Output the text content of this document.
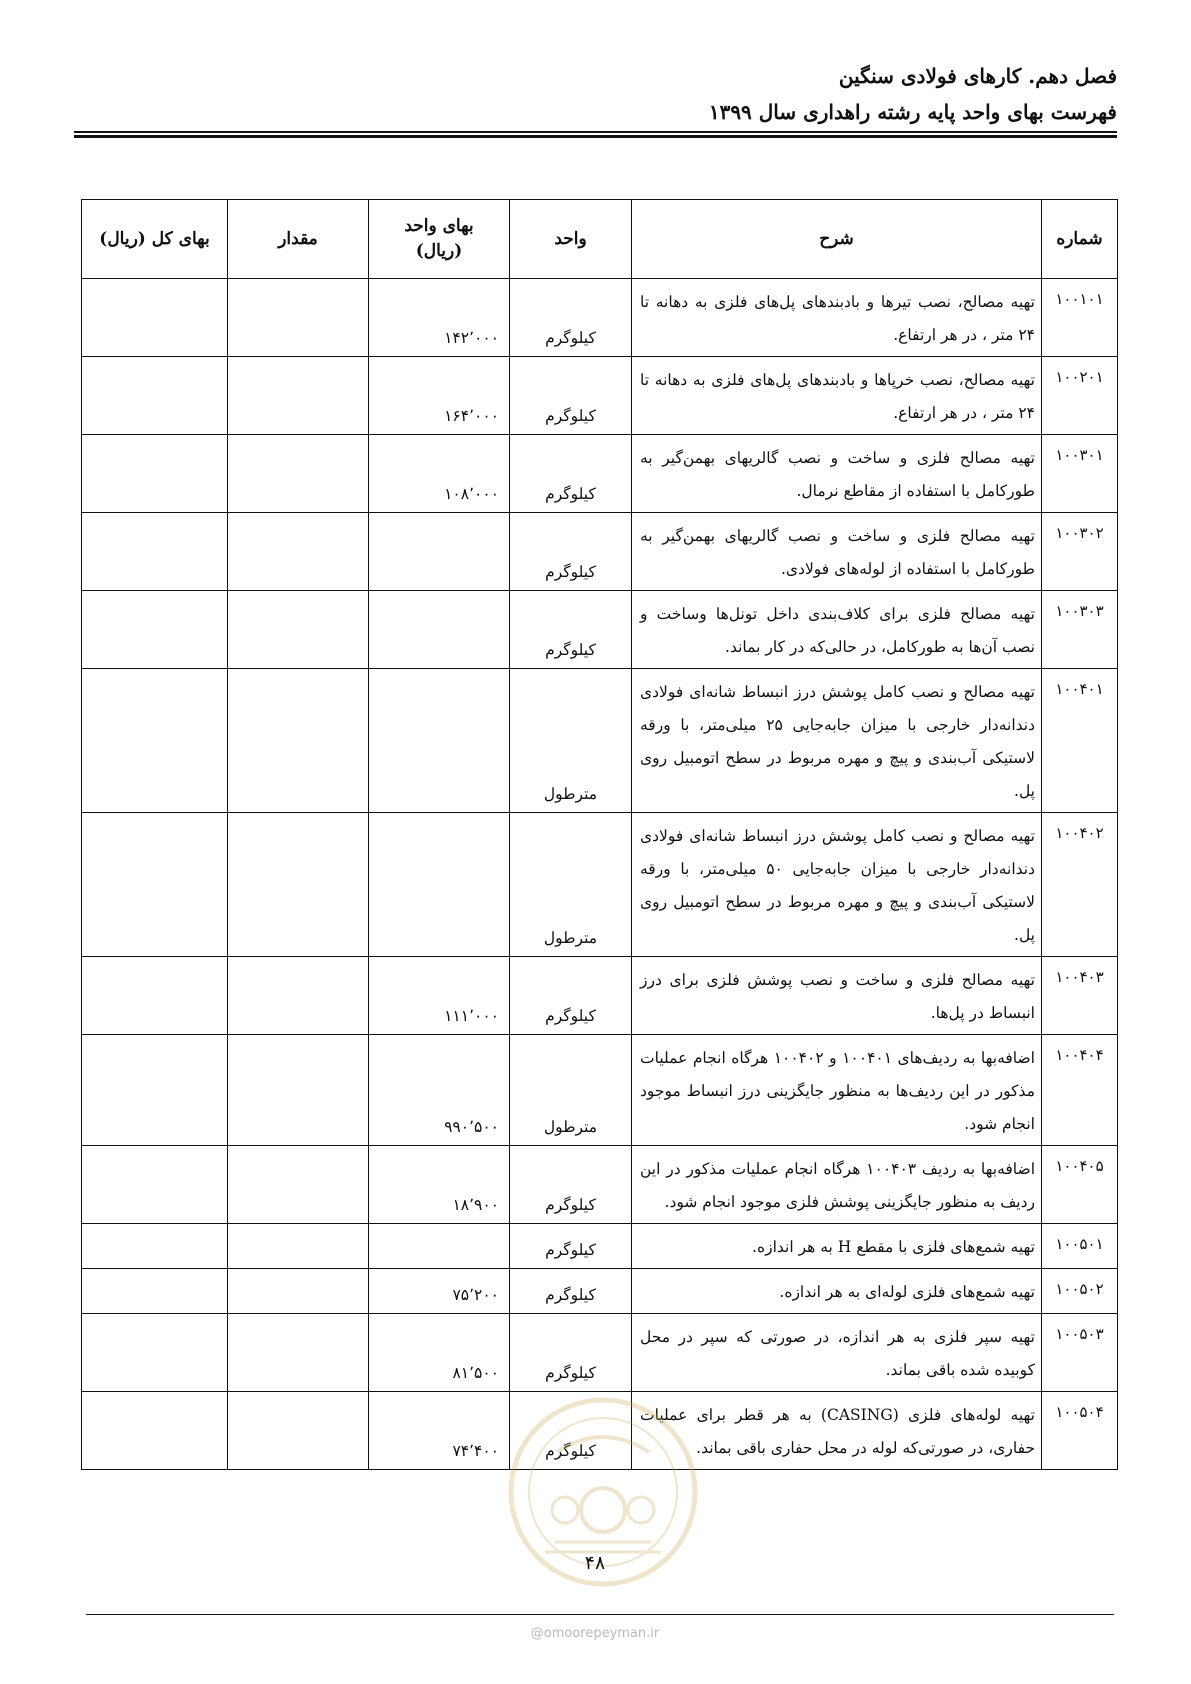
فصل دهم. کارهای فولادی سنگین
فهرست بهای واحد پایه رشته راهداری سال ۱۳۹۹
شماره	شرح	واحد	بهای واحد (ریال)	مقدار	بهای کل (ریال)
۱۰۰۱۰۱	تهیه مصالح، نصب تیرها و بادبندهای پل‌های فلزی به دهانه تا ۲۴ متر ، در هر ارتفاع.	کیلوگرم	۱۴۲٬۰۰۰		
۱۰۰۲۰۱	تهیه مصالح، نصب خرپاها و بادبندهای پل‌های فلزی به دهانه تا ۲۴ متر ، در هر ارتفاع.	کیلوگرم	۱۶۴٬۰۰۰		
۱۰۰۳۰۱	تهیه مصالح فلزی و ساخت و نصب گالریهای بهمن‌گیر به طورکامل با استفاده از مقاطع نرمال.	کیلوگرم	۱۰۸٬۰۰۰		
۱۰۰۳۰۲	تهیه مصالح فلزی و ساخت و نصب گالریهای بهمن‌گیر به طورکامل با استفاده از لوله‌های فولادی.	کیلوگرم			
۱۰۰۳۰۳	تهیه مصالح فلزی برای کلاف‌بندی داخل تونل‌ها وساخت و نصب آن‌ها به طورکامل، در حالی‌که در کار بماند.	کیلوگرم			
۱۰۰۴۰۱	تهیه مصالح و نصب کامل پوشش درز انبساط شانه‌ای فولادی دندانه‌دار خارجی با میزان جابه‌جایی ۲۵ میلی‌متر، با ورقه لاستیکی آب‌بندی و پیچ و مهره مربوط در سطح اتومبیل روی پل.	مترطول			
۱۰۰۴۰۲	تهیه مصالح و نصب کامل پوشش درز انبساط شانه‌ای فولادی دندانه‌دار خارجی با میزان جابه‌جایی ۵۰ میلی‌متر، با ورقه لاستیکی آب‌بندی و پیچ و مهره مربوط در سطح اتومبیل روی پل.	مترطول			
۱۰۰۴۰۳	تهیه مصالح فلزی و ساخت و نصب پوشش فلزی برای درز انبساط در پل‌ها.	کیلوگرم	۱۱۱٬۰۰۰		
۱۰۰۴۰۴	اضافه‌بها به ردیف‌های ۱۰۰۴۰۱ و ۱۰۰۴۰۲ هرگاه انجام عملیات مذکور در این ردیف‌ها به منظور جایگزینی درز انبساط موجود انجام شود.	مترطول	۹۹۰٬۵۰۰		
۱۰۰۴۰۵	اضافه‌بها به ردیف ۱۰۰۴۰۳ هرگاه انجام عملیات مذکور در این ردیف به منظور جایگزینی پوشش فلزی موجود انجام شود.	کیلوگرم	۱۸٬۹۰۰		
۱۰۰۵۰۱	تهیه شمع‌های فلزی با مقطع H به هر اندازه.	کیلوگرم			
۱۰۰۵۰۲	تهیه شمع‌های فلزی لوله‌ای به هر اندازه.	کیلوگرم	۷۵٬۲۰۰		
۱۰۰۵۰۳	تهیه سپر فلزی به هر اندازه، در صورتی که سپر در محل کوبیده شده باقی بماند.	کیلوگرم	۸۱٬۵۰۰		
۱۰۰۵۰۴	تهیه لوله‌های فلزی (CASING) به هر قطر برای عملیات حفاری، در صورتی‌که لوله در محل حفاری باقی بماند.	کیلوگرم	۷۴٬۴۰۰		
۴۸
@omoorepeyman.ir
